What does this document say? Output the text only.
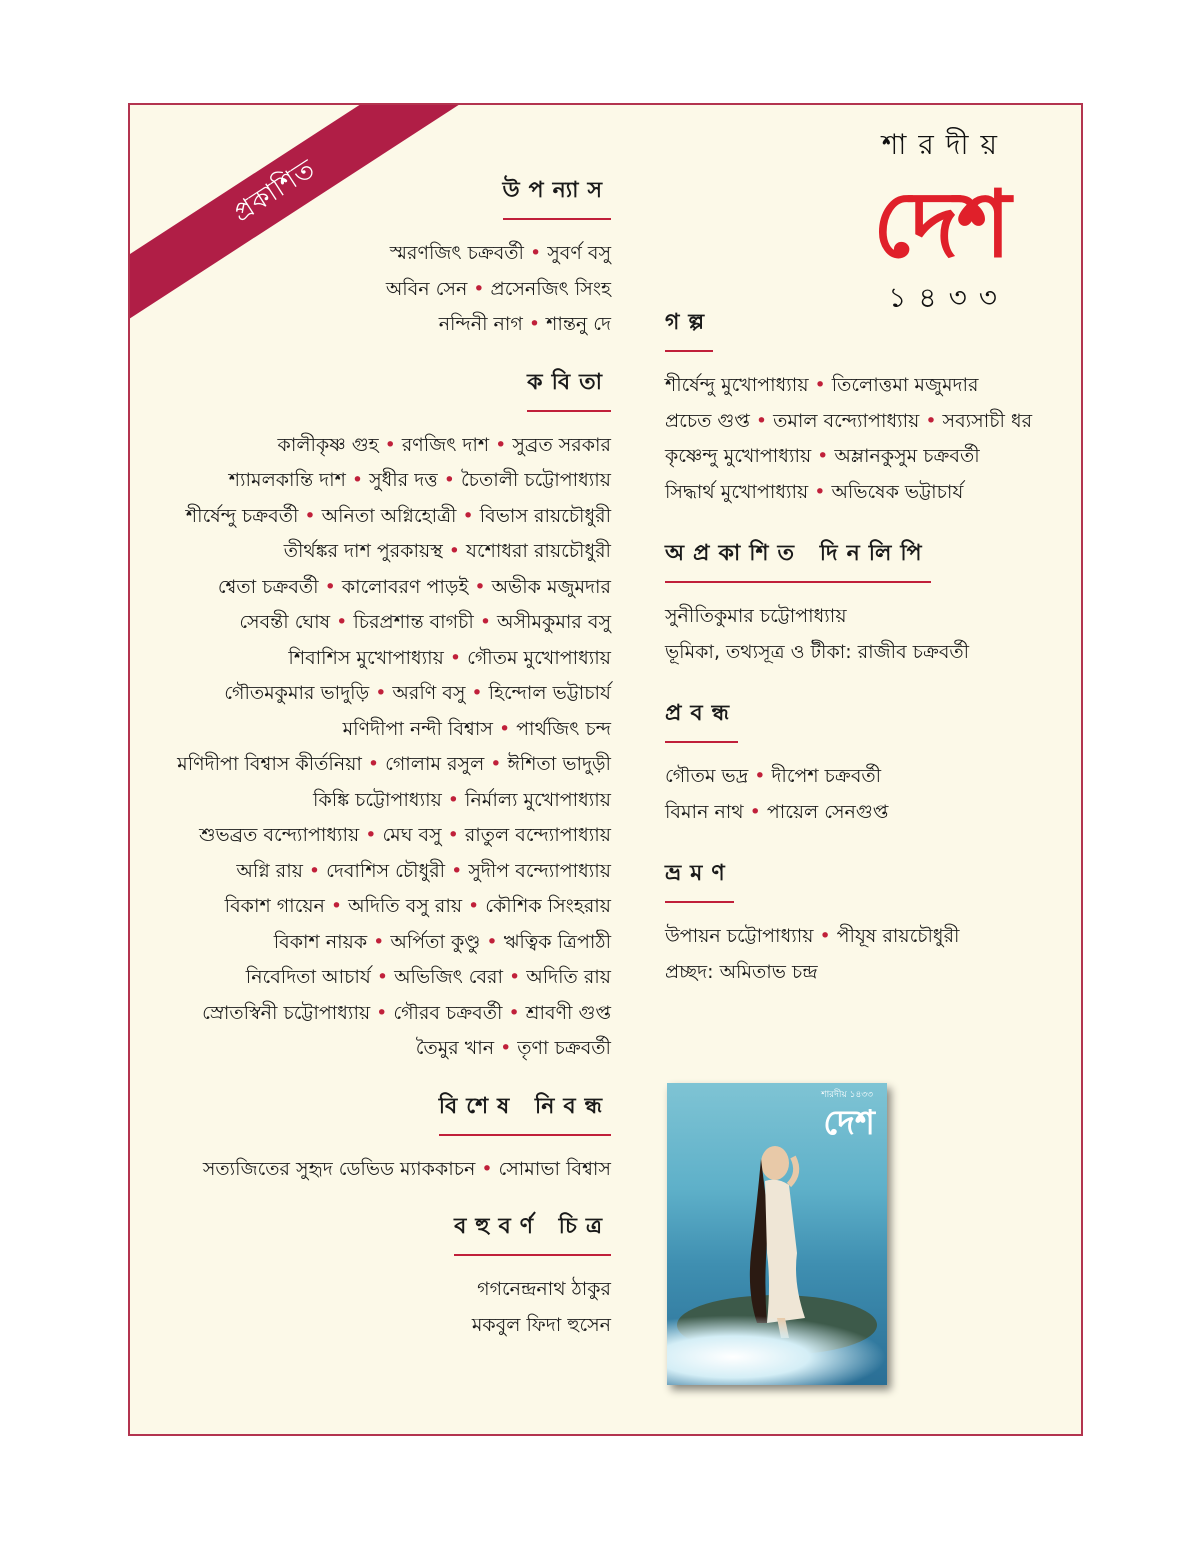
প্রকাশিত
শারদীয়
দেশ
১৪৩৩
উপন্যাস
স্মরণজিৎ চক্রবর্তী • সুবর্ণ বসু
অবিন সেন • প্রসেনজিৎ সিংহ
নন্দিনী নাগ • শান্তনু দে
কবিতা
কালীকৃষ্ণ গুহ • রণজিৎ দাশ • সুব্রত সরকার
শ্যামলকান্তি দাশ • সুধীর দত্ত • চৈতালী চট্টোপাধ্যায়
শীর্ষেন্দু চক্রবর্তী • অনিতা অগ্নিহোত্রী • বিভাস রায়চৌধুরী
তীর্থঙ্কর দাশ পুরকায়স্থ • যশোধরা রায়চৌধুরী
শ্বেতা চক্রবর্তী • কালোবরণ পাড়ই • অভীক মজুমদার
সেবন্তী ঘোষ • চিরপ্রশান্ত বাগচী • অসীমকুমার বসু
শিবাশিস মুখোপাধ্যায় • গৌতম মুখোপাধ্যায়
গৌতমকুমার ভাদুড়ি • অরণি বসু • হিন্দোল ভট্টাচার্য
মণিদীপা নন্দী বিশ্বাস • পার্থজিৎ চন্দ
মণিদীপা বিশ্বাস কীর্তনিয়া • গোলাম রসুল • ঈশিতা ভাদুড়ী
কিঙ্কি চট্টোপাধ্যায় • নির্মাল্য মুখোপাধ্যায়
শুভব্রত বন্দ্যোপাধ্যায় • মেঘ বসু • রাতুল বন্দ্যোপাধ্যায়
অগ্নি রায় • দেবাশিস চৌধুরী • সুদীপ বন্দ্যোপাধ্যায়
বিকাশ গায়েন • অদিতি বসু রায় • কৌশিক সিংহরায়
বিকাশ নায়ক • অর্পিতা কুণ্ডু • ঋত্বিক ত্রিপাঠী
নিবেদিতা আচার্য • অভিজিৎ বেরা • অদিতি রায়
স্রোতস্বিনী চট্টোপাধ্যায় • গৌরব চক্রবর্তী • শ্রাবণী গুপ্ত
তৈমুর খান • তৃণা চক্রবর্তী
বিশেষ নিবন্ধ
সত্যজিতের সুহৃদ ডেভিড ম্যাককাচন • সোমাভা বিশ্বাস
বহুবর্ণ চিত্র
গগনেন্দ্রনাথ ঠাকুর
মকবুল ফিদা হুসেন
গল্প
শীর্ষেন্দু মুখোপাধ্যায় • তিলোত্তমা মজুমদার
প্রচেত গুপ্ত • তমাল বন্দ্যোপাধ্যায় • সব্যসাচী ধর
কৃষ্ণেন্দু মুখোপাধ্যায় • অম্লানকুসুম চক্রবর্তী
সিদ্ধার্থ মুখোপাধ্যায় • অভিষেক ভট্টাচার্য
অপ্রকাশিত দিনলিপি
সুনীতিকুমার চট্টোপাধ্যায়
ভূমিকা, তথ্যসূত্র ও টীকা: রাজীব চক্রবর্তী
প্রবন্ধ
গৌতম ভদ্র • দীপেশ চক্রবর্তী
বিমান নাথ • পায়েল সেনগুপ্ত
ভ্রমণ
উপায়ন চট্টোপাধ্যায় • পীযূষ রায়চৌধুরী
প্রচ্ছদ: অমিতাভ চন্দ্র
শারদীয় ১৪৩৩
দেশ
